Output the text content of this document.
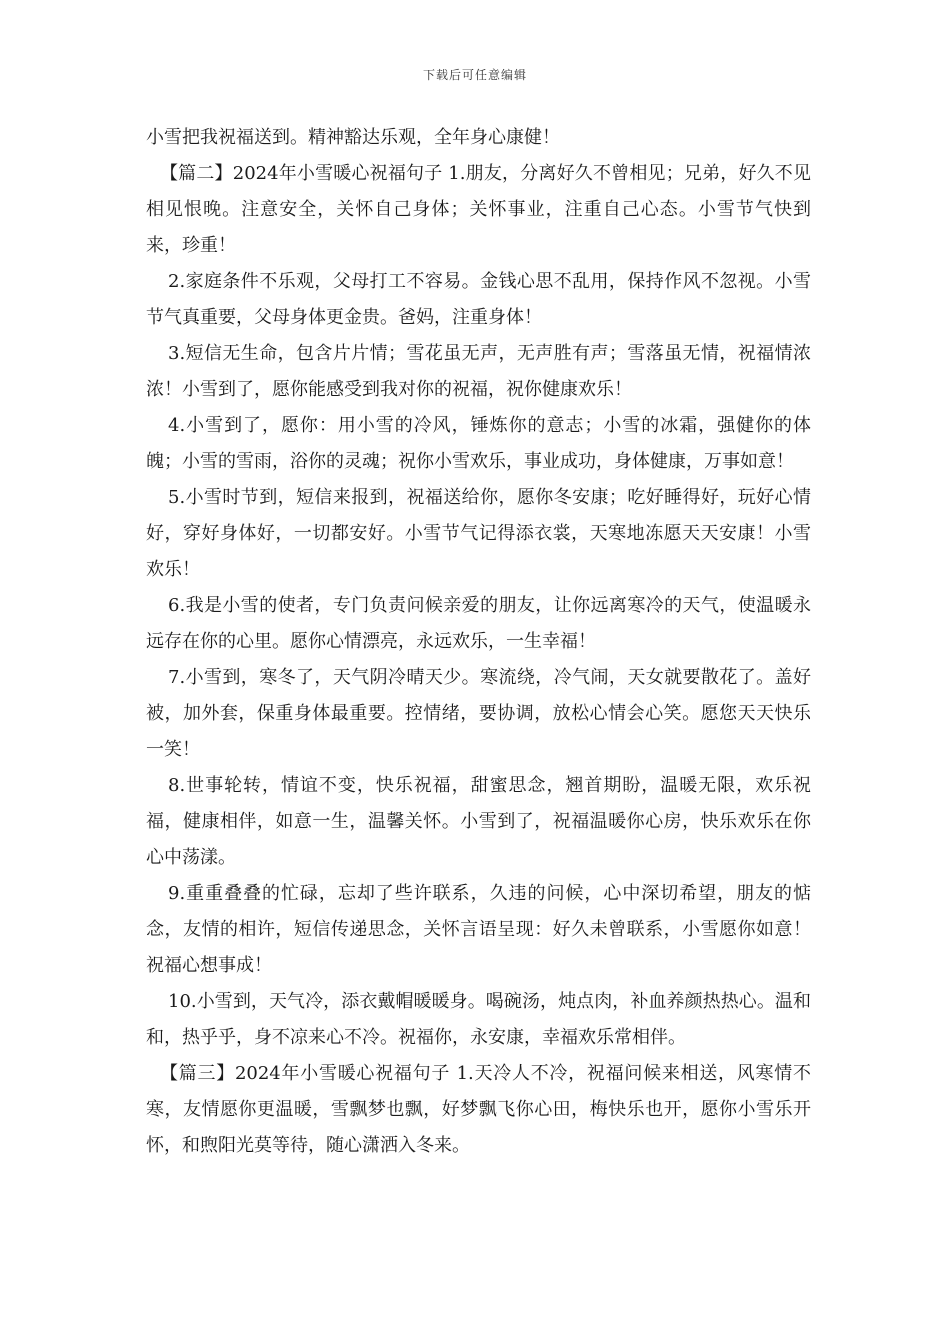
下载后可任意编辑

小雪把我祝福送到。精神豁达乐观，全年身心康健！

【篇二】2024年小雪暖心祝福句子 1.朋友，分离好久不曾相见；兄弟，好久不见相见恨晚。注意安全，关怀自己身体；关怀事业，注重自己心态。小雪节气快到来，珍重！

2.家庭条件不乐观，父母打工不容易。金钱心思不乱用，保持作风不忽视。小雪节气真重要，父母身体更金贵。爸妈，注重身体！

3.短信无生命，包含片片情；雪花虽无声，无声胜有声；雪落虽无情，祝福情浓浓！小雪到了，愿你能感受到我对你的祝福，祝你健康欢乐！

4.小雪到了，愿你：用小雪的冷风，锤炼你的意志；小雪的冰霜，强健你的体魄；小雪的雪雨，浴你的灵魂；祝你小雪欢乐，事业成功，身体健康，万事如意！

5.小雪时节到，短信来报到，祝福送给你，愿你冬安康；吃好睡得好，玩好心情好，穿好身体好，一切都安好。小雪节气记得添衣裳，天寒地冻愿天天安康！小雪欢乐！

6.我是小雪的使者，专门负责问候亲爱的朋友，让你远离寒冷的天气，使温暖永远存在你的心里。愿你心情漂亮，永远欢乐，一生幸福！

7.小雪到，寒冬了，天气阴冷晴天少。寒流绕，冷气闹，天女就要散花了。盖好被，加外套，保重身体最重要。控情绪，要协调，放松心情会心笑。愿您天天快乐一笑！

8.世事轮转，情谊不变，快乐祝福，甜蜜思念，翘首期盼，温暖无限，欢乐祝福，健康相伴，如意一生，温馨关怀。小雪到了，祝福温暖你心房，快乐欢乐在你心中荡漾。

9.重重叠叠的忙碌，忘却了些许联系，久违的问候，心中深切希望，朋友的惦念，友情的相许，短信传递思念，关怀言语呈现：好久未曾联系，小雪愿你如意！祝福心想事成！

10.小雪到，天气冷，添衣戴帽暖暖身。喝碗汤，炖点肉，补血养颜热热心。温和和，热乎乎，身不凉来心不冷。祝福你，永安康，幸福欢乐常相伴。

【篇三】2024年小雪暖心祝福句子 1.天冷人不冷，祝福问候来相送，风寒情不寒，友情愿你更温暖，雪飘梦也飘，好梦飘飞你心田，梅快乐也开，愿你小雪乐开怀，和煦阳光莫等待，随心潇洒入冬来。
